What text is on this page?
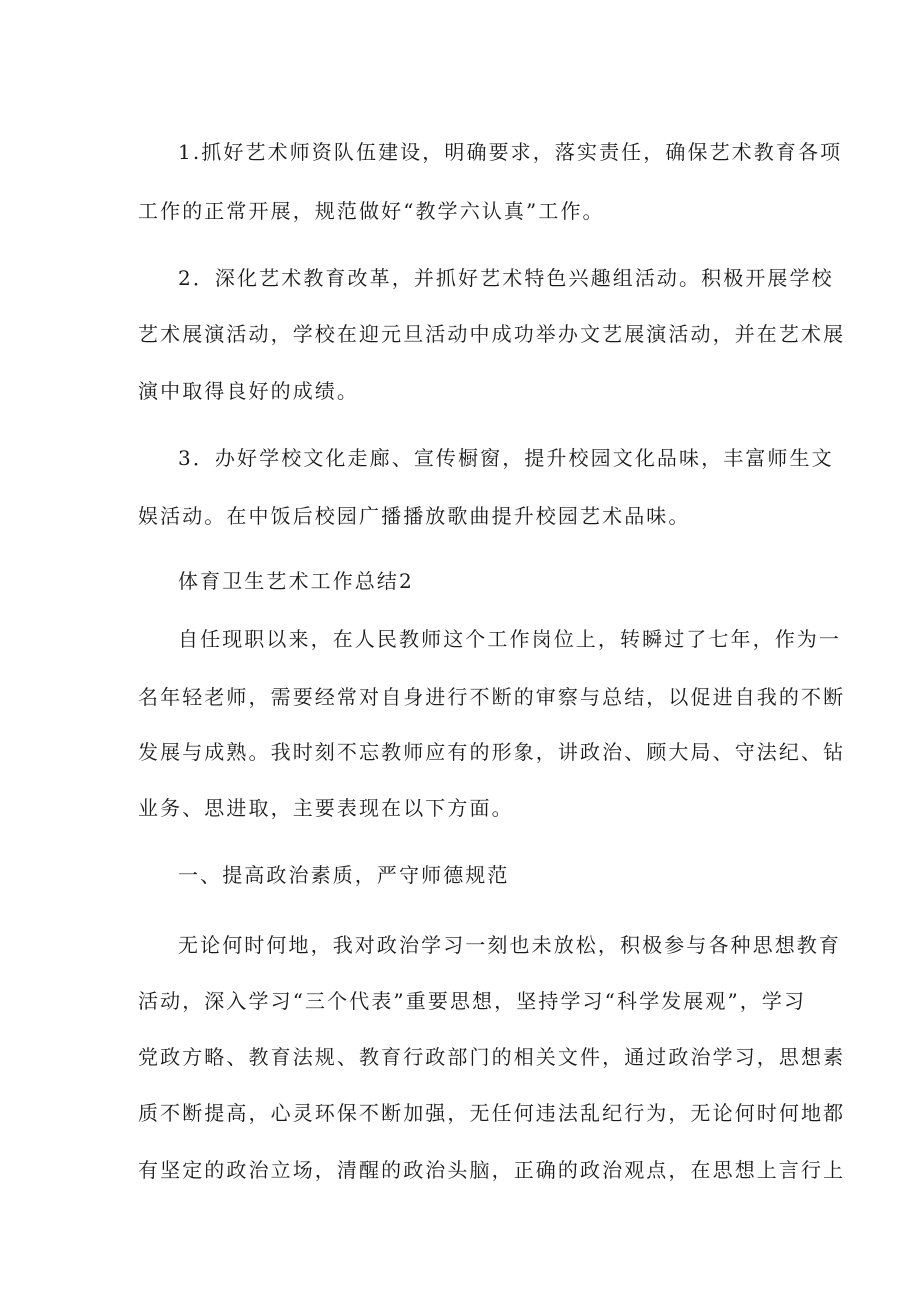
1.抓好艺术师资队伍建设，明确要求，落实责任，确保艺术教育各项
工作的正常开展，规范做好“教学六认真”工作。
2．深化艺术教育改革，并抓好艺术特色兴趣组活动。积极开展学校
艺术展演活动，学校在迎元旦活动中成功举办文艺展演活动，并在艺术展
演中取得良好的成绩。
3．办好学校文化走廊、宣传橱窗，提升校园文化品味，丰富师生文
娱活动。在中饭后校园广播播放歌曲提升校园艺术品味。
体育卫生艺术工作总结2
自任现职以来，在人民教师这个工作岗位上，转瞬过了七年，作为一
名年轻老师，需要经常对自身进行不断的审察与总结，以促进自我的不断
发展与成熟。我时刻不忘教师应有的形象，讲政治、顾大局、守法纪、钻
业务、思进取，主要表现在以下方面。
一、提高政治素质，严守师德规范
无论何时何地，我对政治学习一刻也未放松，积极参与各种思想教育
活动，深入学习“三个代表”重要思想，坚持学习“科学发展观”，学习
党政方略、教育法规、教育行政部门的相关文件，通过政治学习，思想素
质不断提高，心灵环保不断加强，无任何违法乱纪行为，无论何时何地都
有坚定的政治立场，清醒的政治头脑，正确的政治观点，在思想上言行上
